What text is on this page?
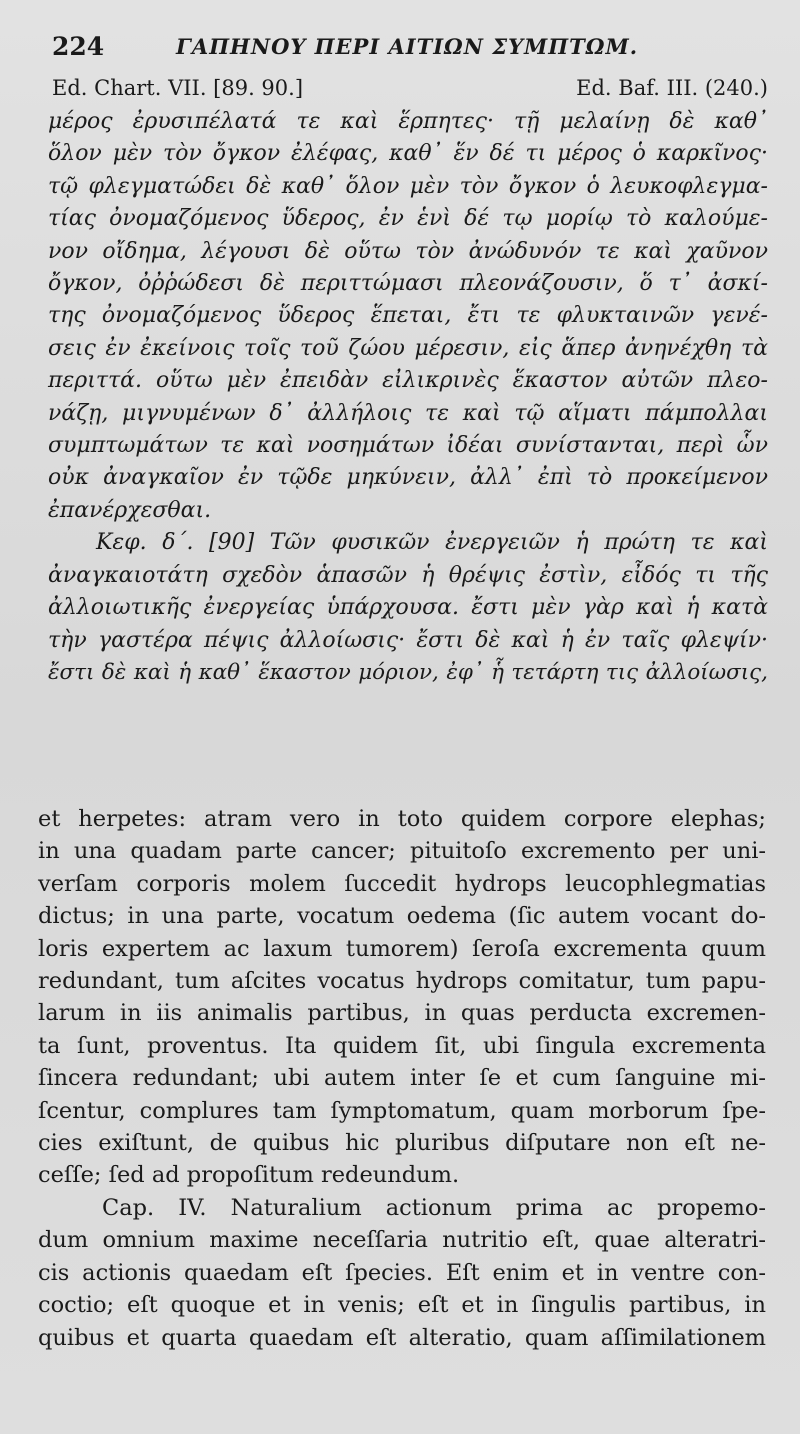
224	ΓΑΠΗΝΟΥ ΠΕΡΙ ΑΙΤΙΩΝ ΣΥΜΠΤΩΜ.
Ed. Chart. VII. [89. 90.]	Ed. Baf. III. (240.)
μέρος ἐρυσιπέλατά τε καὶ ἕρπητες· τῇ μελαίνῃ δὲ καθ᾿
ὅλον μὲν τὸν ὄγκον ἐλέφας, καθ᾿ ἕν δέ τι μέρος ὁ καρκῖνος·
τῷ φλεγματώδει δὲ καθ᾿ ὅλον μὲν τὸν ὄγκον ὁ λευκοφλεγμα-
τίας ὀνομαζόμενος ὕδερος, ἐν ἑνὶ δέ τῳ μορίῳ τὸ καλούμε-
νον οἴδημα, λέγουσι δὲ οὕτω τὸν ἀνώδυνόν τε καὶ χαῦνον
ὄγκον, ὀῤῥώδεσι δὲ περιττώμασι πλεονάζουσιν, ὅ τ᾿ ἀσκί-
της ὀνομαζόμενος ὕδερος ἕπεται, ἔτι τε φλυκταινῶν γενέ-
σεις ἐν ἐκείνοις τοῖς τοῦ ζώου μέρεσιν, εἰς ἅπερ ἀνηνέχθη τὰ
περιττά. οὕτω μὲν ἐπειδὰν εἰλικρινὲς ἕκαστον αὐτῶν πλεο-
νάζῃ, μιγνυμένων δ᾿ ἀλλήλοις τε καὶ τῷ αἵματι πάμπολλαι
συμπτωμάτων τε καὶ νοσημάτων ἰδέαι συνίστανται, περὶ ὧν
οὐκ ἀναγκαῖον ἐν τῷδε μηκύνειν, ἀλλ᾿ ἐπὶ τὸ προκείμενον
ἐπανέρχεσθαι.
Κεφ. δ΄. [90] Τῶν φυσικῶν ἐνεργειῶν ἡ πρώτη τε καὶ
ἀναγκαιοτάτη σχεδὸν ἁπασῶν ἡ θρέψις ἐστὶν, εἶδός τι τῆς
ἀλλοιωτικῆς ἐνεργείας ὑπάρχουσα. ἔστι μὲν γὰρ καὶ ἡ κατὰ
τὴν γαστέρα πέψις ἀλλοίωσις· ἔστι δὲ καὶ ἡ ἐν ταῖς φλεψίν·
ἔστι δὲ καὶ ἡ καθ᾿ ἕκαστον μόριον, ἐφ᾿ ἧ τετάρτη τις ἀλλοίωσις,
et herpetes: atram vero in toto quidem corpore elephas;
in una quadam parte cancer; pituitoſo excremento per uni-
verſam corporis molem ſuccedit hydrops leucophlegmatias
dictus; in una parte, vocatum oedema (ſic autem vocant do-
loris expertem ac laxum tumorem) ſeroſa excrementa quum
redundant, tum aſcites vocatus hydrops comitatur, tum papu-
larum in iis animalis partibus, in quas perducta excremen-
ta ſunt, proventus. Ita quidem ſit, ubi ſingula excrementa
ſincera redundant; ubi autem inter ſe et cum ſanguine mi-
ſcentur, complures tam ſymptomatum, quam morborum ſpe-
cies exiſtunt, de quibus hic pluribus diſputare non eſt ne-
ceſſe; ſed ad propoſitum redeundum.
Cap. IV. Naturalium actionum prima ac propemo-
dum omnium maxime neceſſaria nutritio eſt, quae alteratri-
cis actionis quaedam eſt ſpecies. Eſt enim et in ventre con-
coctio; eſt quoque et in venis; eſt et in ſingulis partibus, in
quibus et quarta quaedam eſt alteratio, quam aſſimilationem
